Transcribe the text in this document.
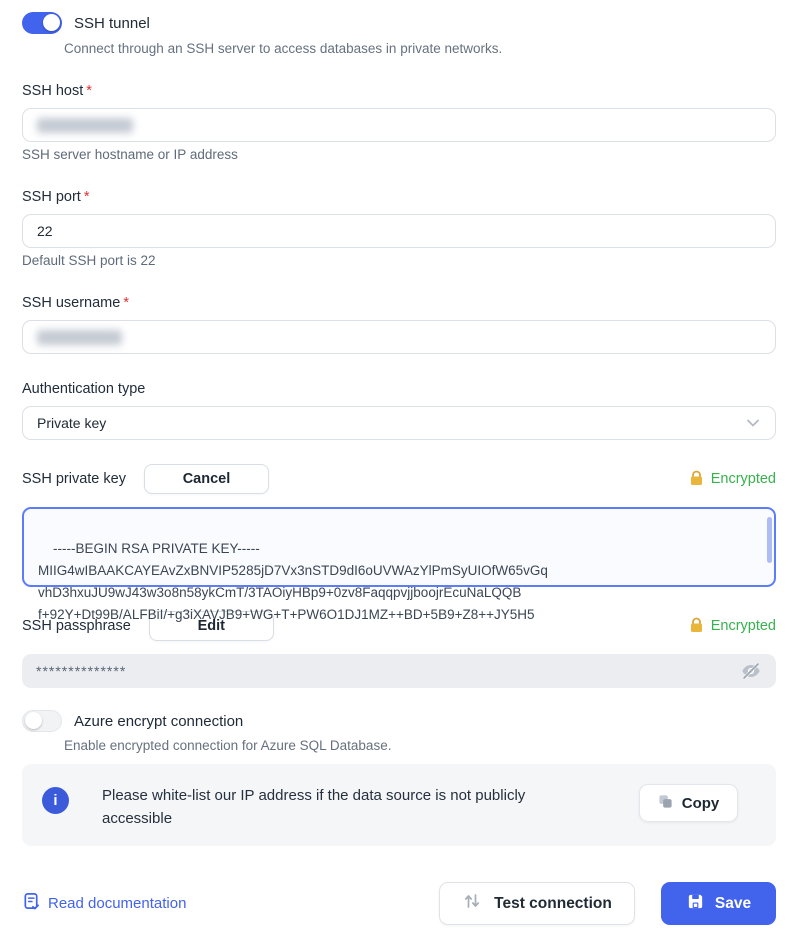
SSH tunnel
Connect through an SSH server to access databases in private networks.
SSH host *
SSH server hostname or IP address
SSH port *
22
Default SSH port is 22
SSH username *
Authentication type
Private key
SSH private key	Cancel	Encrypted

-----BEGIN RSA PRIVATE KEY-----
MIIG4wIBAAKCAYEAvZxBNVIP5285jD7Vx3nSTD9dI6oUVWAzYlPmSyUIOfW65vGq
vhD3hxuJU9wJ43w3o8n58ykCmT/3TAOiyHBp9+0zv8FaqqpvjjboojrEcuNaLQQB
f+92Y+Dt99B/ALFBiI/+g3iXAVJB9+WG+T+PW6O1DJ1MZ++BD+5B9+Z8++JY5H5

SSH passphrase	Edit	Encrypted
**************
Azure encrypt connection
Enable encrypted connection for Azure SQL Database.
i	Please white-list our IP address if the data source is not publicly accessible
Copy
Read documentation	Test connection	Save
